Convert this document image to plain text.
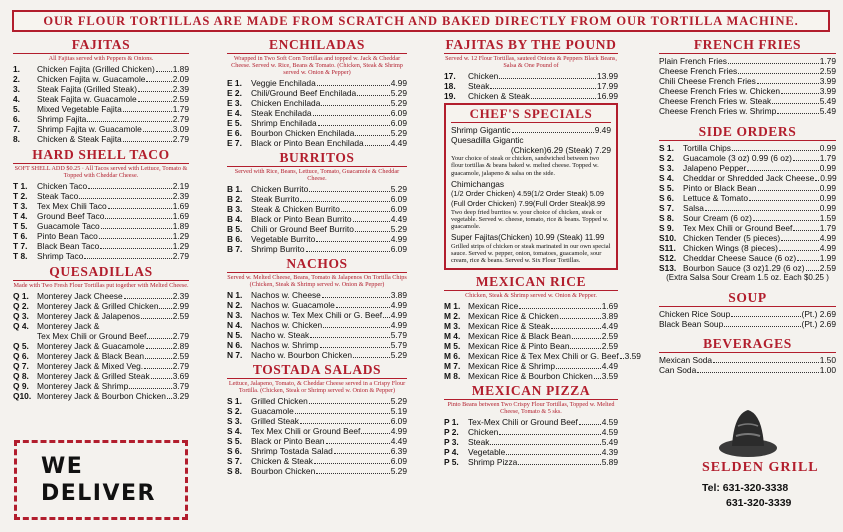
OUR FLOUR TORTILLAS ARE MADE FROM SCRATCH AND BAKED DIRECTLY FROM OUR TORTILLA MACHINE.
FAJITAS
All Fajitas served with Peppers & Onions.
1.	Chicken Fajita (Grilled Chicken) 1.89
2.	Chicken Fajita w. Guacamole	2.09
3.	Steak Fajita (Grilled Steak)	2.39
4.	Steak Fajita w. Guacamole	2.59
5.	Mixed Vegetable Fajita	1.79
6.	Shrimp Fajita	2.79
7.	Shrimp Fajita w. Guacamole	3.09
8.	Chicken & Steak Fajita	2.79
HARD SHELL TACO
SOFT SHELL ADD $0.25 · All Tacos served with Lettuce, Tomato & Topped with Cheddar Cheese.
T 1.	Chicken Taco	2.19
T 2.	Steak Taco	2.39
T 3.	Tex Mex Chili Taco	1.69
T 4.	Ground Beef Taco	1.69
T 5.	Guacamole Taco	1.89
T 6.	Pinto Bean Taco	1.29
T 7.	Black Bean Taco	1.29
T 8.	Shrimp Taco	2.79
QUESADILLAS
Made with Two Fresh Flour Tortillas put together with Melted Cheese.
Q 1. Monterey Jack Cheese	2.39
Q 2. Monterey Jack & Grilled Chicken 2.99
Q 3. Monterey Jack & Jalapenos	2.59
Q 4. Monterey Jack &
Tex Mex Chili or Ground Beef	2.79
Q 5. Monterey Jack & Guacamole	2.89
Q 6. Monterey Jack & Black Bean	2.59
Q 7. Monterey Jack & Mixed Veg.	2.79
Q 8. Monterey Jack & Grilled Steak	3.69
Q 9. Monterey Jack & Shrimp	3.79
Q10. Monterey Jack & Bourbon Chicken 3.29
WE
DELIVER
ENCHILADAS
Wrapped in Two Soft Corn Tortillas and topped w. Jack & Cheddar Cheese. Served w. Rice, Beans & Tomato. (Chicken, Steak & Shrimp served w. Onion & Pepper)
E 1.	Veggie Enchilada	4.99
E 2.	Chili/Ground Beef Enchilada	5.29
E 3.	Chicken Enchilada	5.29
E 4.	Steak Enchilada	6.09
E 5.	Shrimp Enchilada	6.09
E 6.	Bourbon Chicken Enchilada	5.29
E 7.	Black or Pinto Bean Enchilada	4.49
BURRITOS
Served with Rice, Beans, Lettuce, Tomato, Guacamole & Cheddar Cheese.
B 1.	Chicken Burrito	5.29
B 2.	Steak Burrito	6.09
B 3.	Steak & Chicken Burrito	6.09
B 4.	Black or Pinto Bean Burrito	4.49
B 5.	Chili or Ground Beef Burrito	5.29
B 6.	Vegetable Burrito	4.99
B 7.	Shrimp Burrito	6.09
NACHOS
Served w. Melted Cheese, Beans, Tomato & Jalapenos On Tortilla Chips (Chicken, Steak & Shrimp served w. Onion & Pepper)
N 1.	Nachos w. Cheese	3.89
N 2.	Nachos w. Guacamole	4.99
N 3.	Nachos w. Tex Mex Chili or G. Beef 4.99
N 4.	Nachos w. Chicken	4.99
N 5.	Nacho w. Steak	5.79
N 6.	Nachos w. Shrimp	5.79
N 7.	Nacho w. Bourbon Chicken	5.29
TOSTADA SALADS
Lettuce, Jalapeno, Tomato, & Cheddar Cheese served in a Crispy Flour Tortilla. (Chicken, Steak or Shrimp served w. Onion & Pepper)
S 1.	Grilled Chicken	5.29
S 2.	Guacamole	5.19
S 3.	Grilled Steak	6.09
S 4.	Tex Mex Chili or Ground Beef	4.99
S 5.	Black or Pinto Bean	4.49
S 6.	Shrimp Tostada Salad	6.39
S 7.	Chicken & Steak	6.09
S 8.	Bourbon Chicken	5.29
FAJITAS BY THE POUND
Served w. 12 Flour Tortillas, sauteed Onions & Peppers Black Beans, Salsa & One Pound of
17.	Chicken	13.99
18.	Steak	17.99
19.	Chicken & Steak	16.99
CHEF'S SPECIALS
Shrimp Gigantic	9.49
Quesadilla Gigantic
(Chicken)6.29 (Steak) 7.29
Your choice of steak or chicken, sandwiched between two flour tortillas & beans baked w. melted cheese. Topped w. guacamole, jalapeno & salsa on the side.
Chimichangas
(1/2 Order Chicken) 4.59(1/2 Order Steak) 5.09
(Full Order Chicken) 7.99(Full Order Steak)8.99
Two deep fried burritos w. your choice of chicken, steak or vegetable. Served w. cheese, tomato, rice & beans. Topped w. guacamole.
Super Fajitas(Chicken) 10.99 (Steak) 11.99
Grilled strips of chicken or steak marinated in our own special sauce. Served w. pepper, onion, tomatoes, guacamole, sour cream, rice & beans. Served w. Six Flour Tortillas.
MEXICAN RICE
Chicken, Steak & Shrimp served w. Onion & Pepper.
M 1. Mexican Rice	1.69
M 2. Mexican Rice & Chicken	3.89
M 3. Mexican Rice & Steak	4.49
M 4. Mexican Rice & Black Bean	2.59
M 5. Mexican Rice & Pinto Bean	2.59
M 6. Mexican Rice & Tex Mex Chili or G. Beef 3.59
M 7. Mexican Rice & Shrimp	4.49
M 8. Mexican Rice & Bourbon Chicken 3.59
MEXICAN PIZZA
Pinto Beans between Two Crispy Flour Tortillas, Topped w. Melted Cheese, Tomato & 5 sks.
P 1.	Tex-Mex Chili or Ground Beef	4.59
P 2.	Chicken	4.59
P 3.	Steak	5.49
P 4.	Vegetable	4.39
P 5.	Shrimp Pizza	5.89
FRENCH FRIES
Plain French Fries	1.79
Cheese French Fries	2.59
Chili Cheese French Fries	3.99
Cheese French Fries w. Chicken	3.99
Cheese French Fries w. Steak	5.49
Cheese French Fries w. Shrimp	5.49
SIDE ORDERS
S 1.	Tortilla Chips	0.99
S 2.	Guacamole (3 oz) 0.99 (6 oz)	1.79
S 3.	Jalapeno Pepper	0.99
S 4.	Cheddar or Shredded Jack Cheese 0.99
S 5.	Pinto or Black Bean	0.99
S 6.	Lettuce & Tomato	0.99
S 7.	Salsa	0.99
S 8.	Sour Cream (6 oz)	1.59
S 9.	Tex Mex Chili or Ground Beef	1.79
S10. Chicken Tender (5 pieces)	4.99
S11. Chicken Wings (8 pieces)	4.99
S12. Cheddar Cheese Sauce (6 oz)	1.99
S13. Bourbon Sauce (3 oz)1.29 (6 oz) 2.59
(Extra Salsa Sour Cream 1.5 oz. Each $0.25 )
SOUP
Chicken Rice Soup	(Pt.) 2.69
Black Bean Soup	(Pt.) 2.69
BEVERAGES
Mexican Soda	1.50
Can Soda	1.00
SELDEN GRILL
Tel: 631-320-3338
631-320-3339
